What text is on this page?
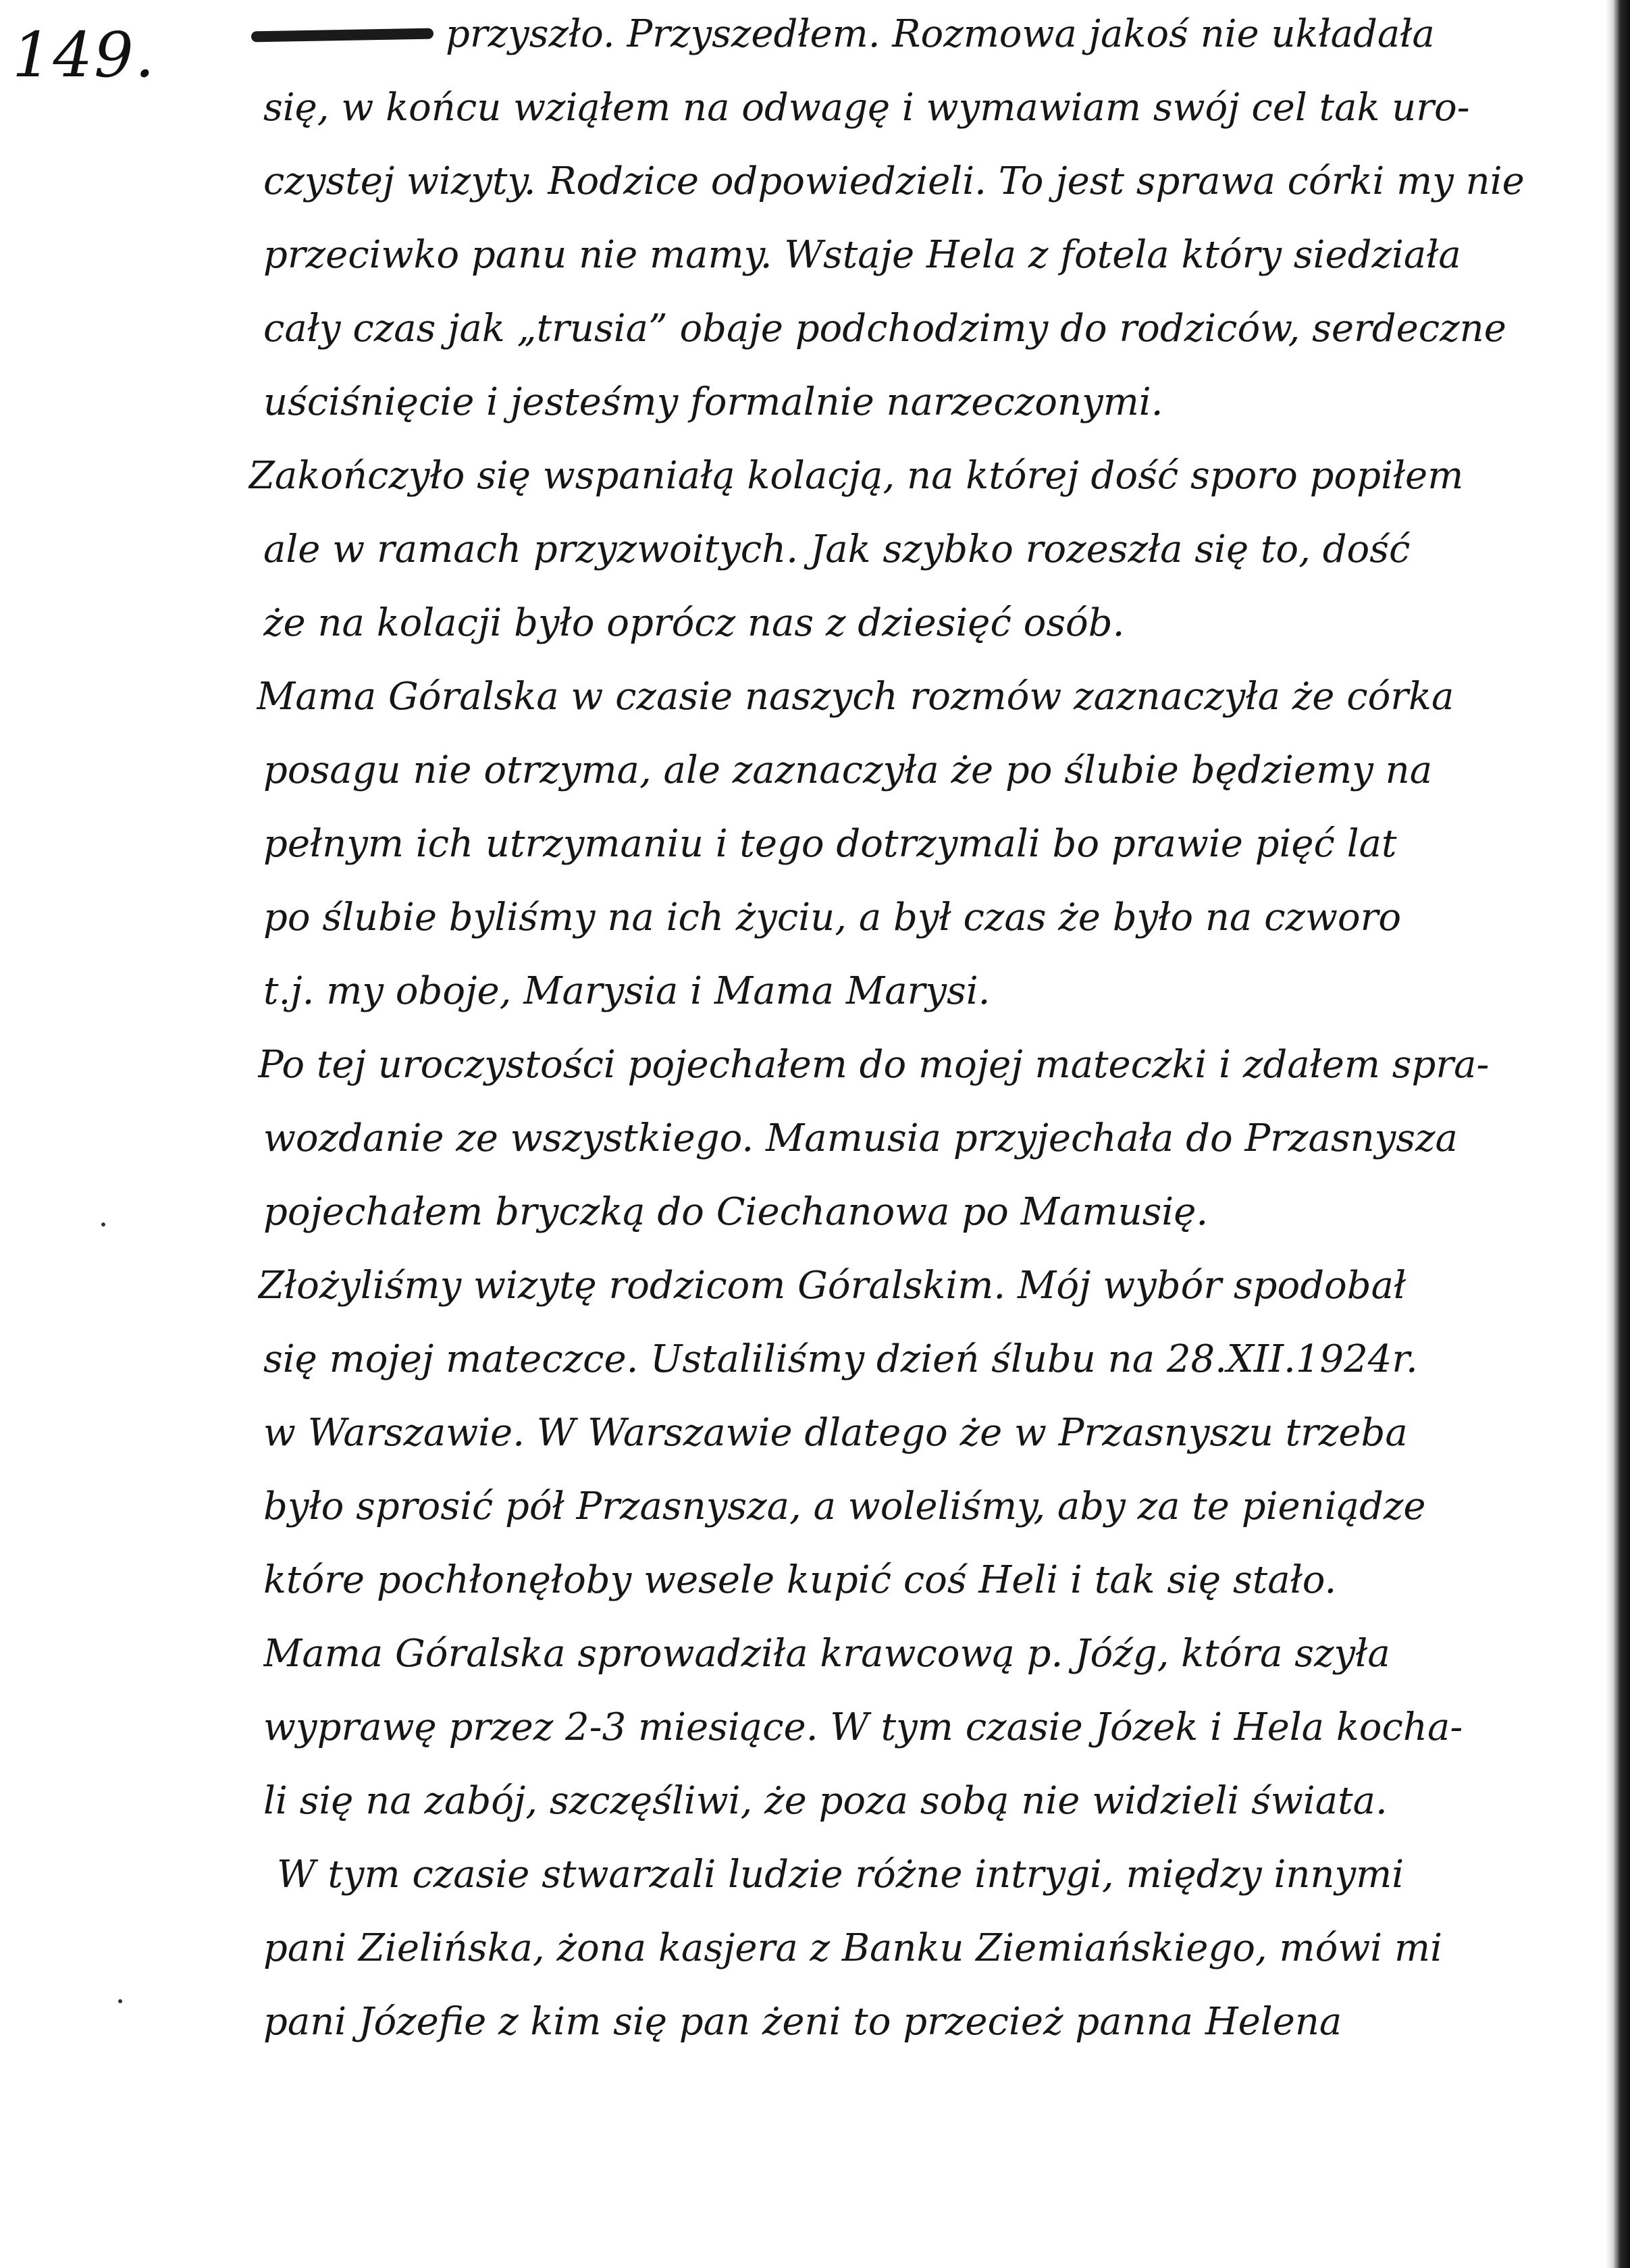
149.	przyszło. Przyszedłem. Rozmowa jakoś nie układała
się, w końcu wziąłem na odwagę i wymawiam swój cel tak uro-
czystej wizyty. Rodzice odpowiedzieli. To jest sprawa córki my nie
przeciwko panu nie mamy. Wstaje Hela z fotela który siedziała
cały czas jak „trusia” obaje podchodzimy do rodziców, serdeczne
uściśnięcie i jesteśmy formalnie narzeczonymi.
Zakończyło się wspaniałą kolacją, na której dość sporo popiłem
ale w ramach przyzwoitych. Jak szybko rozeszła się to, dość
że na kolacji było oprócz nas z dziesięć osób.
Mama Góralska w czasie naszych rozmów zaznaczyła że córka
posagu nie otrzyma, ale zaznaczyła że po ślubie będziemy na
pełnym ich utrzymaniu i tego dotrzymali bo prawie pięć lat
po ślubie byliśmy na ich życiu, a był czas że było na czworo
t.j. my oboje, Marysia i Mama Marysi.
Po tej uroczystości pojechałem do mojej mateczki i zdałem spra-
wozdanie ze wszystkiego. Mamusia przyjechała do Przasnysza
pojechałem bryczką do Ciechanowa po Mamusię.
Złożyliśmy wizytę rodzicom Góralskim. Mój wybór spodobał
się mojej mateczce. Ustaliliśmy dzień ślubu na 28.XII.1924r.
w Warszawie. W Warszawie dlatego że w Przasnyszu trzeba
było sprosić pół Przasnysza, a woleliśmy, aby za te pieniądze
które pochłonęłoby wesele kupić coś Heli i tak się stało.
Mama Góralska sprowadziła krawcową p. Jóźg, która szyła
wyprawę przez 2-3 miesiące. W tym czasie Józek i Hela kocha-
li się na zabój, szczęśliwi, że poza sobą nie widzieli świata.
W tym czasie stwarzali ludzie różne intrygi, między innymi
pani Zielińska, żona kasjera z Banku Ziemiańskiego, mówi mi
pani Józefie z kim się pan żeni to przecież panna Helena
